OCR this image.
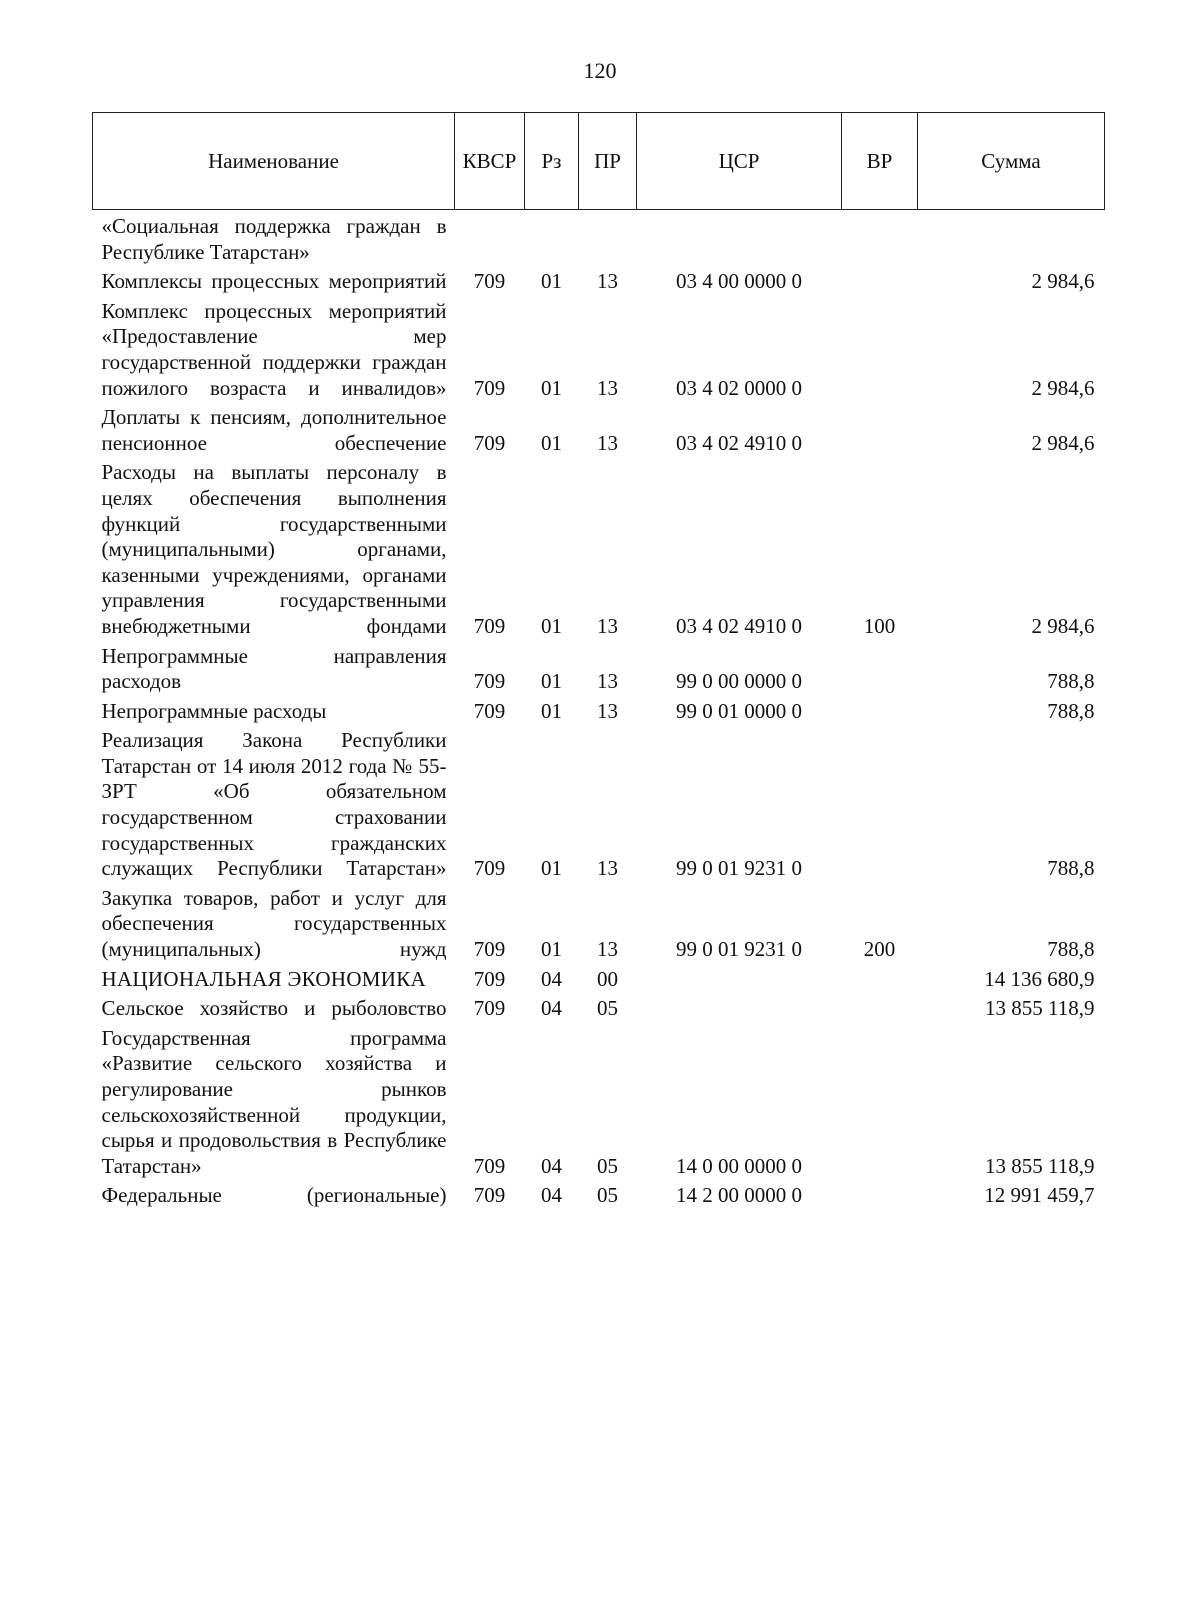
120
Наименование	КВСР	Рз	ПР	ЦСР	ВР	Сумма
«Социальная поддержка граждан в Республике Татарстан»						
Комплексы процессных мероприятий	709	01	13	03 4 00 0000 0		2 984,6
Комплекс процессных мероприятий «Предоставление мер государственной поддержки граждан пожилого возраста и инвалидов»	709	01	13	03 4 02 0000 0		2 984,6
Доплаты к пенсиям, дополнительное пенсионное обеспечение	709	01	13	03 4 02 4910 0		2 984,6
Расходы на выплаты персоналу в целях обеспечения выполнения функций государственными (муниципальными) органами, казенными учреждениями, органами управления государственными внебюджетными фондами	709	01	13	03 4 02 4910 0	100	2 984,6
Непрограммные направления расходов	709	01	13	99 0 00 0000 0		788,8
Непрограммные расходы	709	01	13	99 0 01 0000 0		788,8
Реализация Закона Республики Татарстан от 14 июля 2012 года № 55-ЗРТ «Об обязательном государственном страховании государственных гражданских служащих Республики Татарстан»	709	01	13	99 0 01 9231 0		788,8
Закупка товаров, работ и услуг для обеспечения государственных (муниципальных) нужд	709	01	13	99 0 01 9231 0	200	788,8
НАЦИОНАЛЬНАЯ ЭКОНОМИКА	709	04	00			14 136 680,9
Сельское хозяйство и рыболовство	709	04	05			13 855 118,9
Государственная программа «Развитие сельского хозяйства и регулирование рынков сельскохозяйственной продукции, сырья и продовольствия в Республике Татарстан»	709	04	05	14 0 00 0000 0		13 855 118,9
Федеральные (региональные)	709	04	05	14 2 00 0000 0		12 991 459,7
